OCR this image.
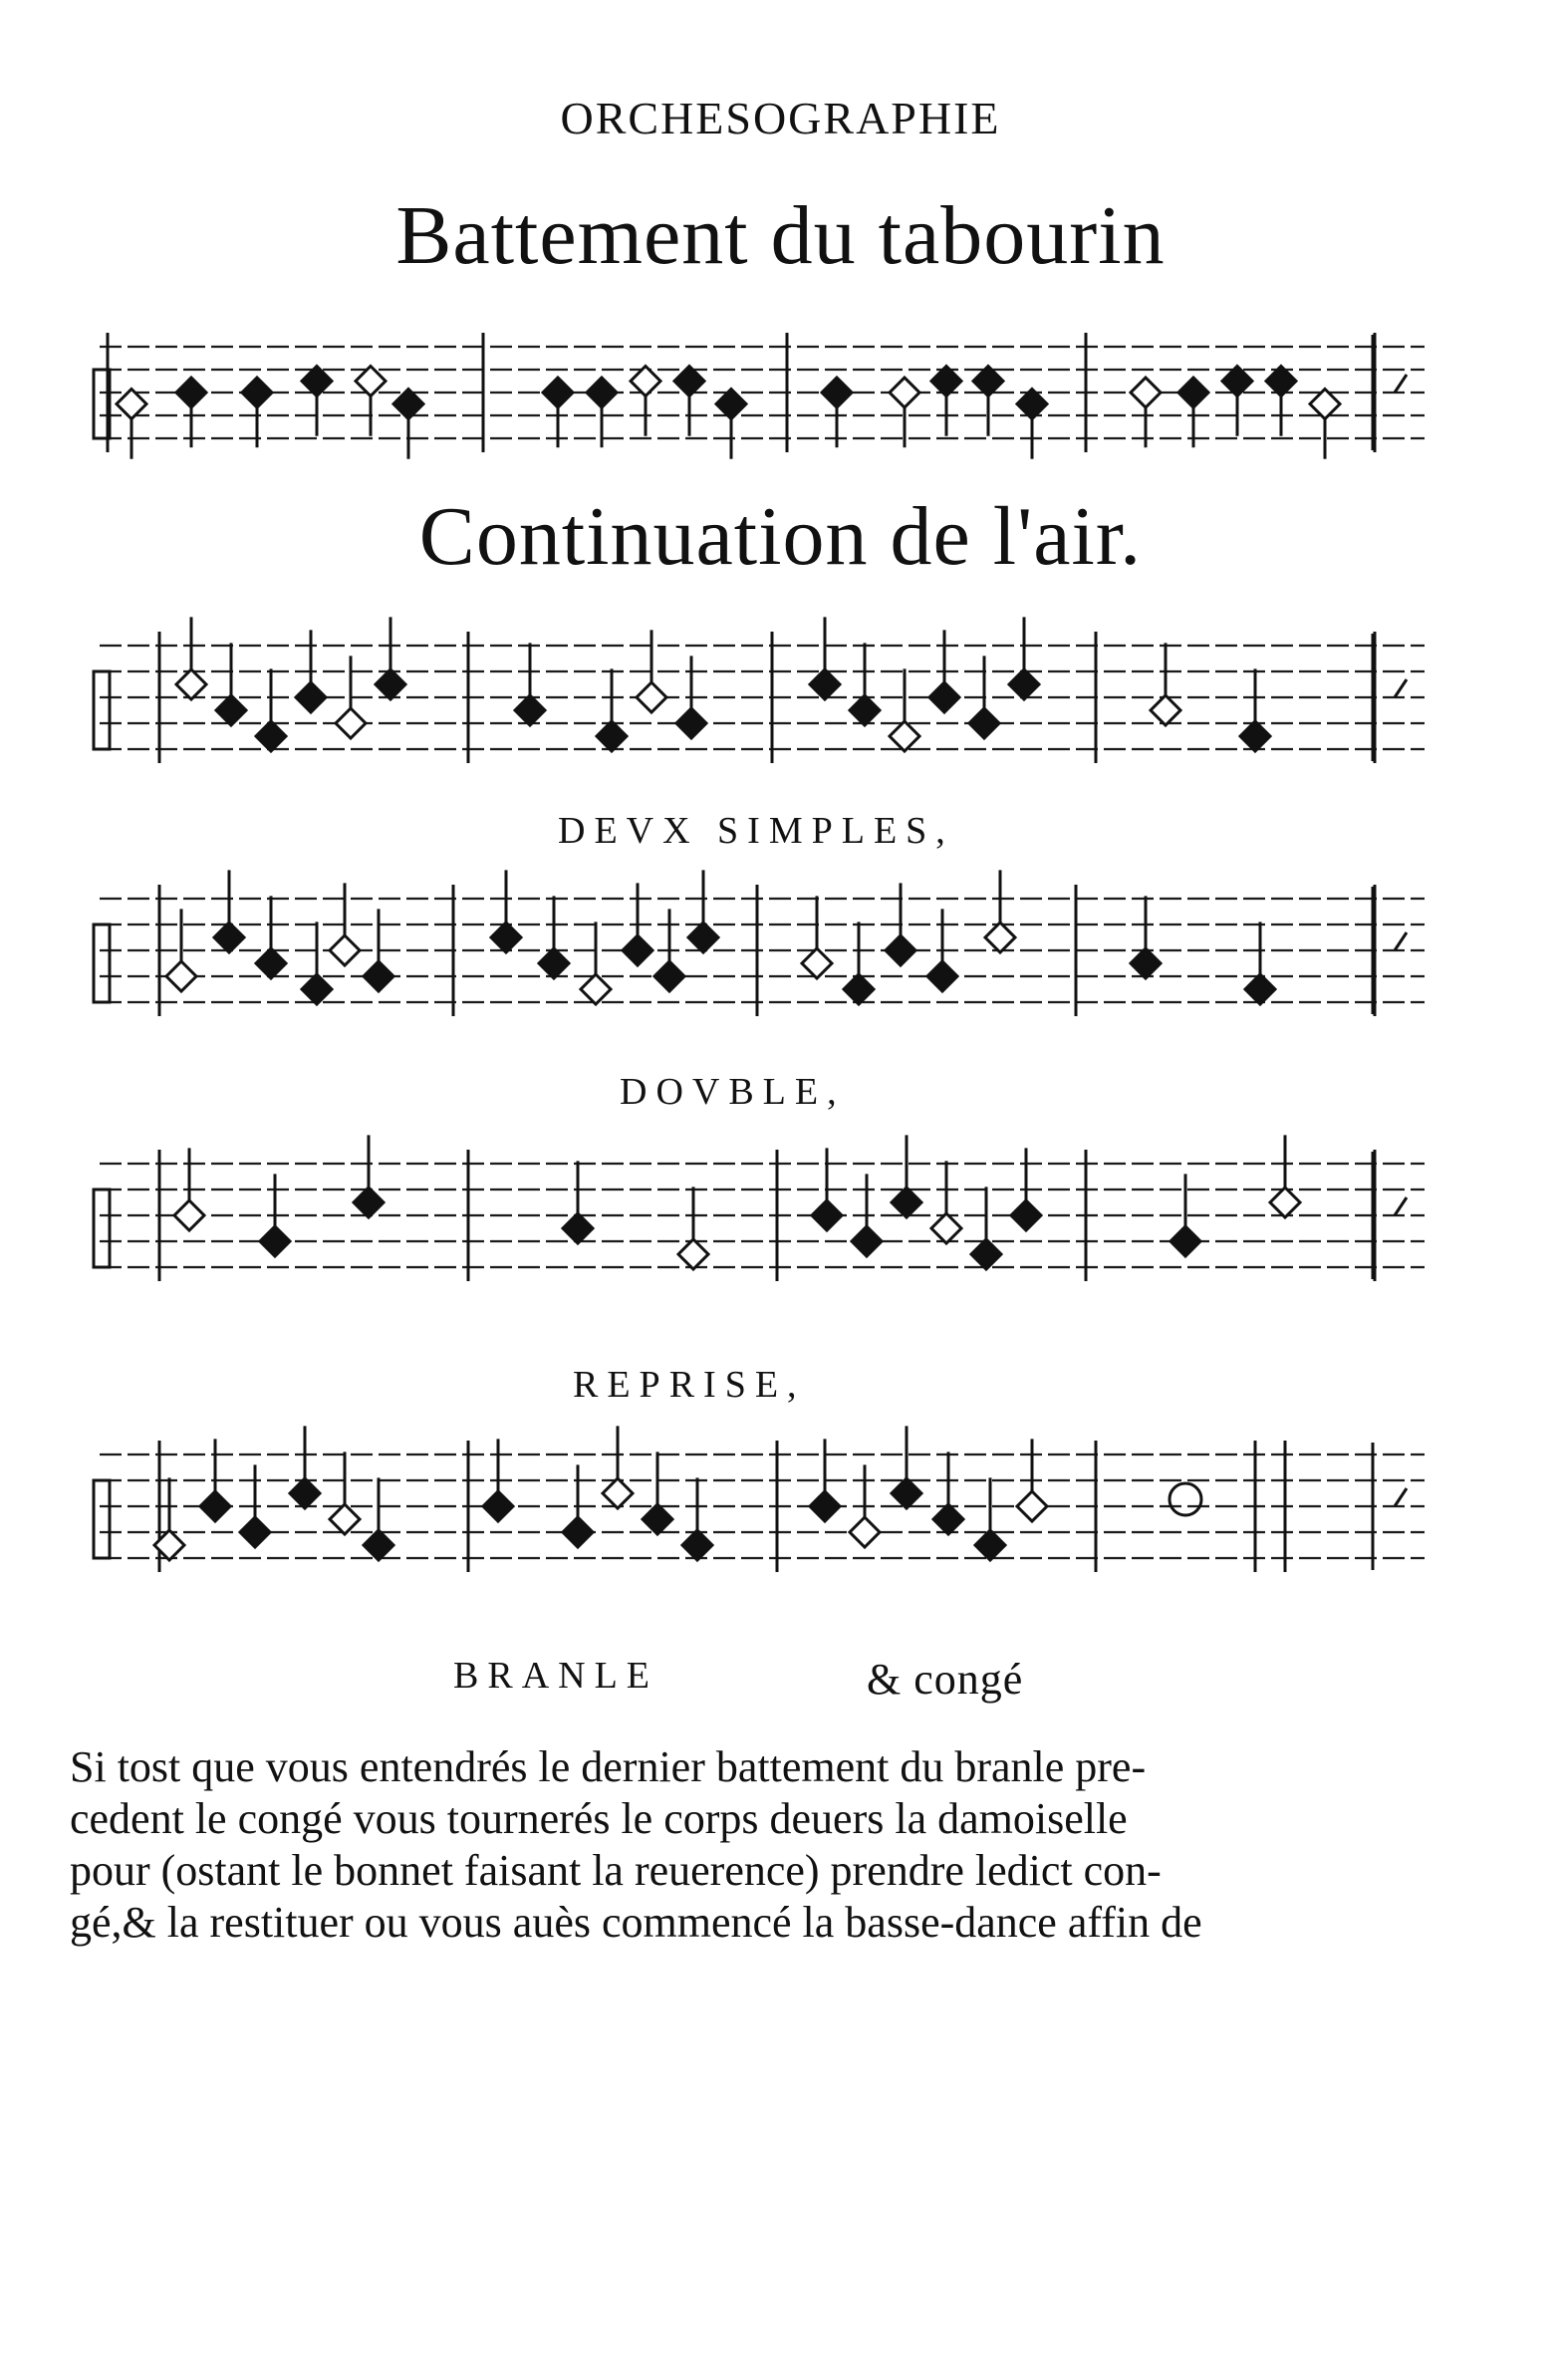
ORCHESOGRAPHIE
Battement du tabourin
Continuation de l'air.
DEVX SIMPLES,
DOVBLE,
REPRISE,
BRANLE	& congé
Si tost que vous entendrés le dernier battement du branle pre-
cedent le congé vous tournerés le corps deuers la damoiselle
pour (ostant le bonnet faisant la reuerence) prendre ledict con-
gé,& la restituer ou vous auès commencé la basse-dance affin de
